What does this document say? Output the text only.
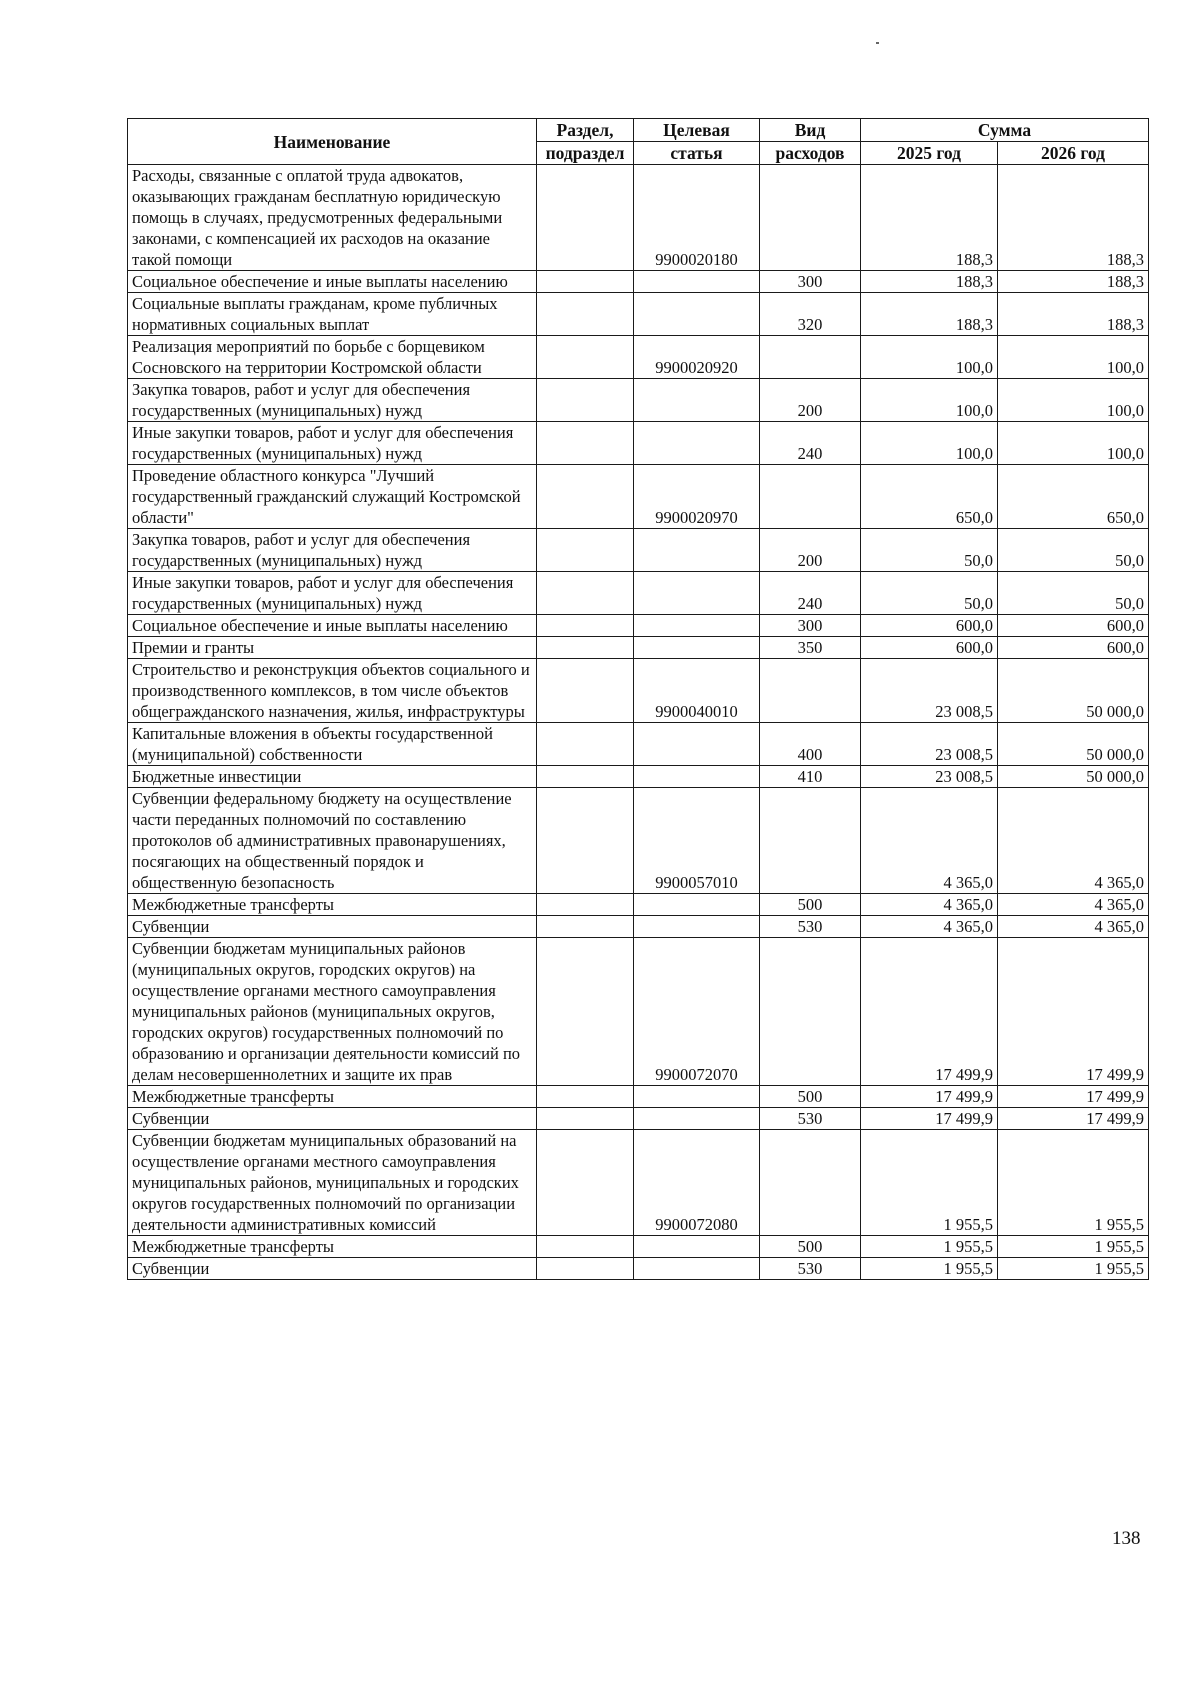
Наименование	Раздел,	Целевая	Вид	Сумма	
	подраздел	статья	расходов	2025 год	2026 год
Расходы, связанные с оплатой труда адвокатов, оказывающих гражданам бесплатную юридическую помощь в случаях, предусмотренных федеральными законами, с компенсацией их расходов на оказание такой помощи		9900020180		188,3	188,3
Социальное обеспечение и иные выплаты населению			300	188,3	188,3
Социальные выплаты гражданам, кроме публичных нормативных социальных выплат			320	188,3	188,3
Реализация мероприятий по борьбе с борщевиком Сосновского на территории Костромской области		9900020920		100,0	100,0
Закупка товаров, работ и услуг для обеспечения государственных (муниципальных) нужд			200	100,0	100,0
Иные закупки товаров, работ и услуг для обеспечения государственных (муниципальных) нужд			240	100,0	100,0
Проведение областного конкурса "Лучший государственный гражданский служащий Костромской области"		9900020970		650,0	650,0
Закупка товаров, работ и услуг для обеспечения государственных (муниципальных) нужд			200	50,0	50,0
Иные закупки товаров, работ и услуг для обеспечения государственных (муниципальных) нужд			240	50,0	50,0
Социальное обеспечение и иные выплаты населению			300	600,0	600,0
Премии и гранты			350	600,0	600,0
Строительство и реконструкция объектов социального и производственного комплексов, в том числе объектов общегражданского назначения, жилья, инфраструктуры		9900040010		23 008,5	50 000,0
Капитальные вложения в объекты государственной (муниципальной) собственности			400	23 008,5	50 000,0
Бюджетные инвестиции			410	23 008,5	50 000,0
Субвенции федеральному бюджету на осуществление части переданных полномочий по составлению протоколов об административных правонарушениях, посягающих на общественный порядок и общественную безопасность		9900057010		4 365,0	4 365,0
Межбюджетные трансферты			500	4 365,0	4 365,0
Субвенции			530	4 365,0	4 365,0
Субвенции бюджетам муниципальных районов (муниципальных округов, городских округов) на осуществление органами местного самоуправления муниципальных районов (муниципальных округов, городских округов) государственных полномочий по образованию и организации деятельности комиссий по делам несовершеннолетних и защите их прав		9900072070		17 499,9	17 499,9
Межбюджетные трансферты			500	17 499,9	17 499,9
Субвенции			530	17 499,9	17 499,9
Субвенции бюджетам муниципальных образований на осуществление органами местного самоуправления муниципальных районов, муниципальных и городских округов государственных полномочий по организации деятельности административных комиссий		9900072080		1 955,5	1 955,5
Межбюджетные трансферты			500	1 955,5	1 955,5
Субвенции			530	1 955,5	1 955,5
138
